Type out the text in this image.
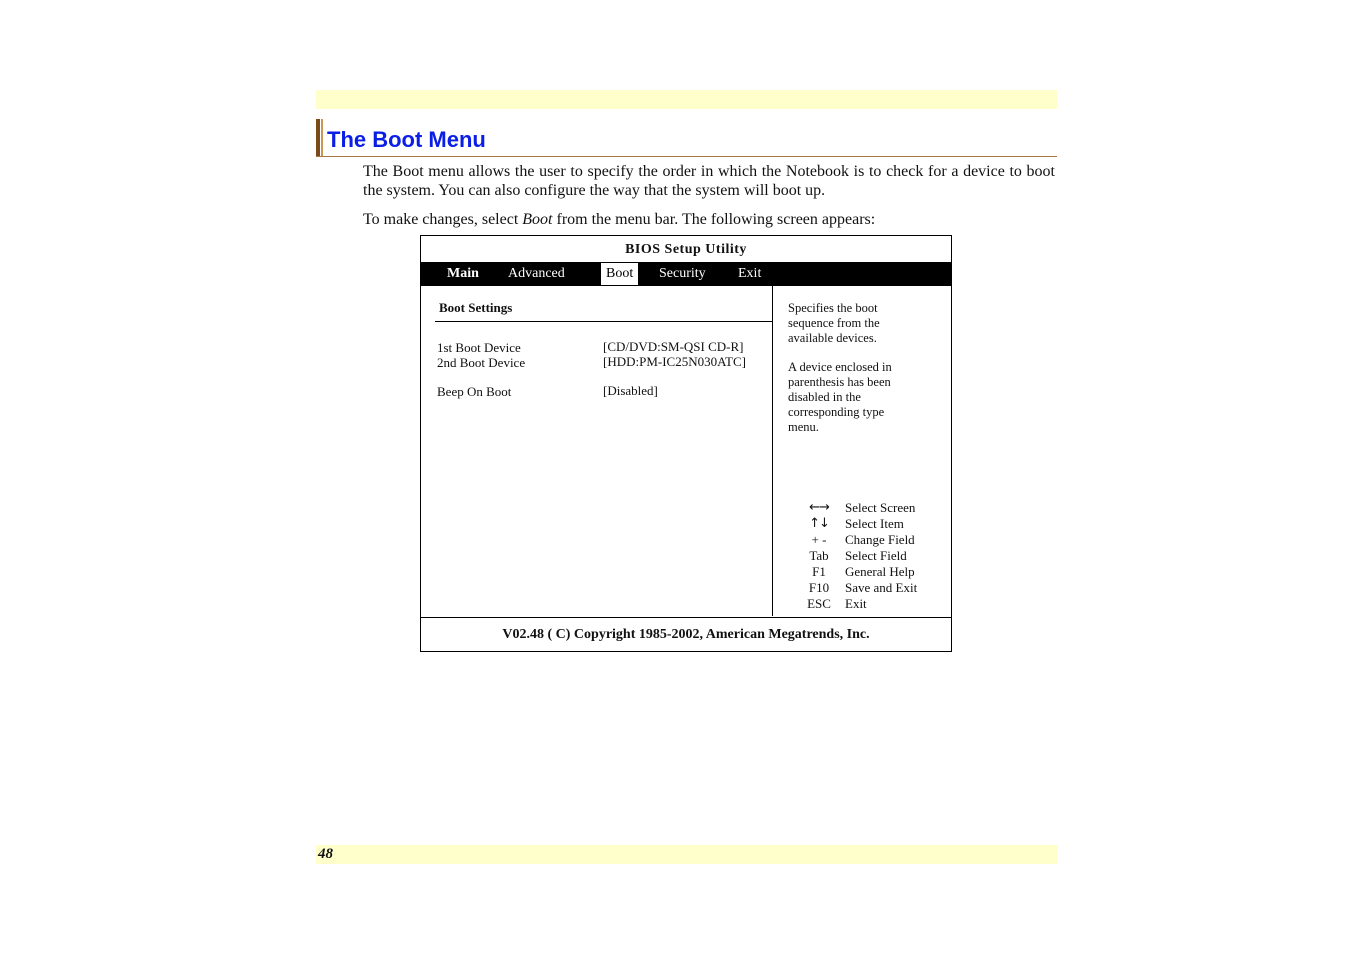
The Boot Menu
The Boot menu allows the user to specify the order in which the Notebook is to check for a device to boot the system. You can also configure the way that the system will boot up.
To make changes, select Boot from the menu bar. The following screen appears:
BIOS Setup Utility
Main Advanced	Boot	Security Exit
Boot Settings
1st Boot Device	[CD/DVD:SM-QSI CD-R]
2nd Boot Device	[HDD:PM-IC25N030ATC]
Beep On Boot	[Disabled]
Specifies the boot
sequence from the
available devices.
A device enclosed in
parenthesis has been
disabled in the
corresponding type
menu.
←→	Select Screen
↑↓	Select Item
+ -	Change Field
Tab	Select Field
F1	General Help
F10	Save and Exit
ESC	Exit
V02.48 ( C) Copyright 1985-2002, American Megatrends, Inc.
48
